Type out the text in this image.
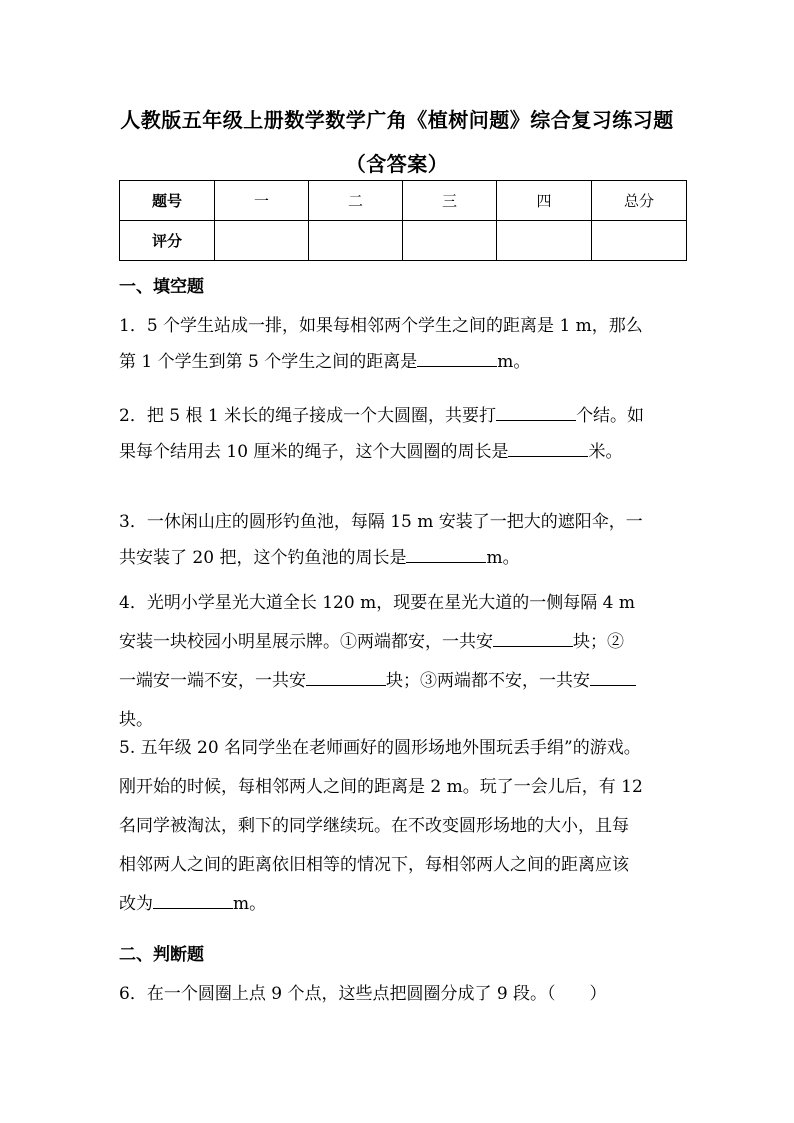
人教版五年级上册数学数学广角《植树问题》综合复习练习题
（含答案）
题号	一	二	三	四	总分
评分					
一、填空题
1．5 个学生站成一排，如果每相邻两个学生之间的距离是 1 m，那么
第 1 个学生到第 5 个学生之间的距离是	m。
2．把 5 根 1 米长的绳子接成一个大圆圈，共要打	个结。如
果每个结用去 10 厘米的绳子，这个大圆圈的周长是	米。
3．一休闲山庄的圆形钓鱼池，每隔 15 m 安装了一把大的遮阳伞，一
共安装了 20 把，这个钓鱼池的周长是	m。
4．光明小学星光大道全长 120 m，现要在星光大道的一侧每隔 4 m
安装一块校园小明星展示牌。①两端都安，一共安	块；②
一端安一端不安，一共安	块；③两端都不安，一共安
块。
5. 五年级 20 名同学坐在老师画好的圆形场地外围玩丢手绢”的游戏。
刚开始的时候，每相邻两人之间的距离是 2 m。玩了一会儿后，有 12
名同学被淘汰，剩下的同学继续玩。在不改变圆形场地的大小，且每
相邻两人之间的距离依旧相等的情况下，每相邻两人之间的距离应该
改为	m。
二、判断题
6．在一个圆圈上点 9 个点，这些点把圆圈分成了 9 段。（　　）
